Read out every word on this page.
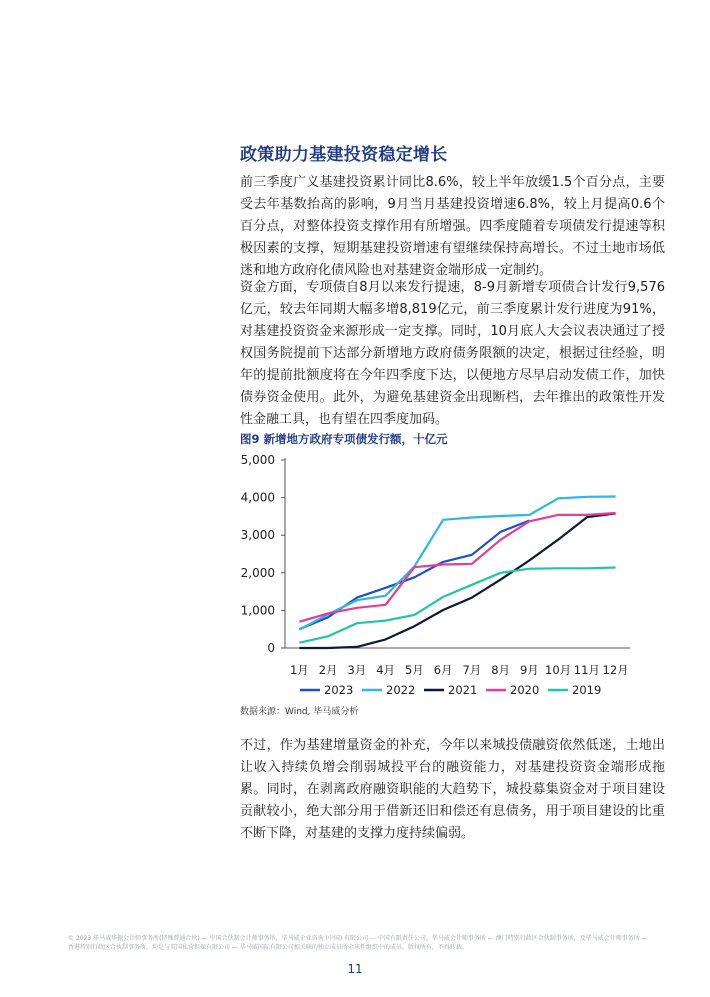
政策助力基建投资稳定增长

前三季度广义基建投资累计同比8.6%，较上半年放缓1.5个百分点，主要受去年基数抬高的影响，9月当月基建投资增速6.8%，较上月提高0.6个百分点，对整体投资支撑作用有所增强。四季度随着专项债发行提速等积极因素的支撑，短期基建投资增速有望继续保持高增长。不过土地市场低迷和地方政府化债风险也对基建资金端形成一定制约。

资金方面，专项债自8月以来发行提速，8-9月新增专项债合计发行9,576亿元，较去年同期大幅多增8,819亿元，前三季度累计发行进度为91%，对基建投资资金来源形成一定支撑。同时，10月底人大会议表决通过了授权国务院提前下达部分新增地方政府债务限额的决定，根据过往经验，明年的提前批额度将在今年四季度下达，以便地方尽早启动发债工作，加快债券资金使用。此外，为避免基建资金出现断档，去年推出的政策性开发性金融工具，也有望在四季度加码。

图9 新增地方政府专项债发行额，十亿元
0
1,000
2,000
3,000
4,000
5,000
1月 2月 3月 4月 5月 6月 7月 8月 9月 10月 11月 12月
2023	2022	2021	2020	2019
数据来源：Wind, 毕马威分析

不过，作为基建增量资金的补充，今年以来城投债融资依然低迷，土地出让收入持续负增会削弱城投平台的融资能力，对基建投资资金端形成拖累。同时，在剥离政府融资职能的大趋势下，城投募集资金对于项目建设贡献较小，绝大部分用于借新还旧和偿还有息债务，用于项目建设的比重不断下降，对基建的支撑力度持续偏弱。

© 2023 毕马威华振会计师事务所(特殊普通合伙) — 中国合伙制会计师事务所，毕马威企业咨询 (中国) 有限公司 — 中国有限责任公司，毕马威会计师事务所 — 澳门特别行政区合伙制事务所，及毕马威会计师事务所 — 香港特别行政区合伙制事务所，均是与英国私营担保有限公司 — 毕马威国际有限公司相关联的独立成员所全球性组织中的成员。版权所有，不得转载。
11
